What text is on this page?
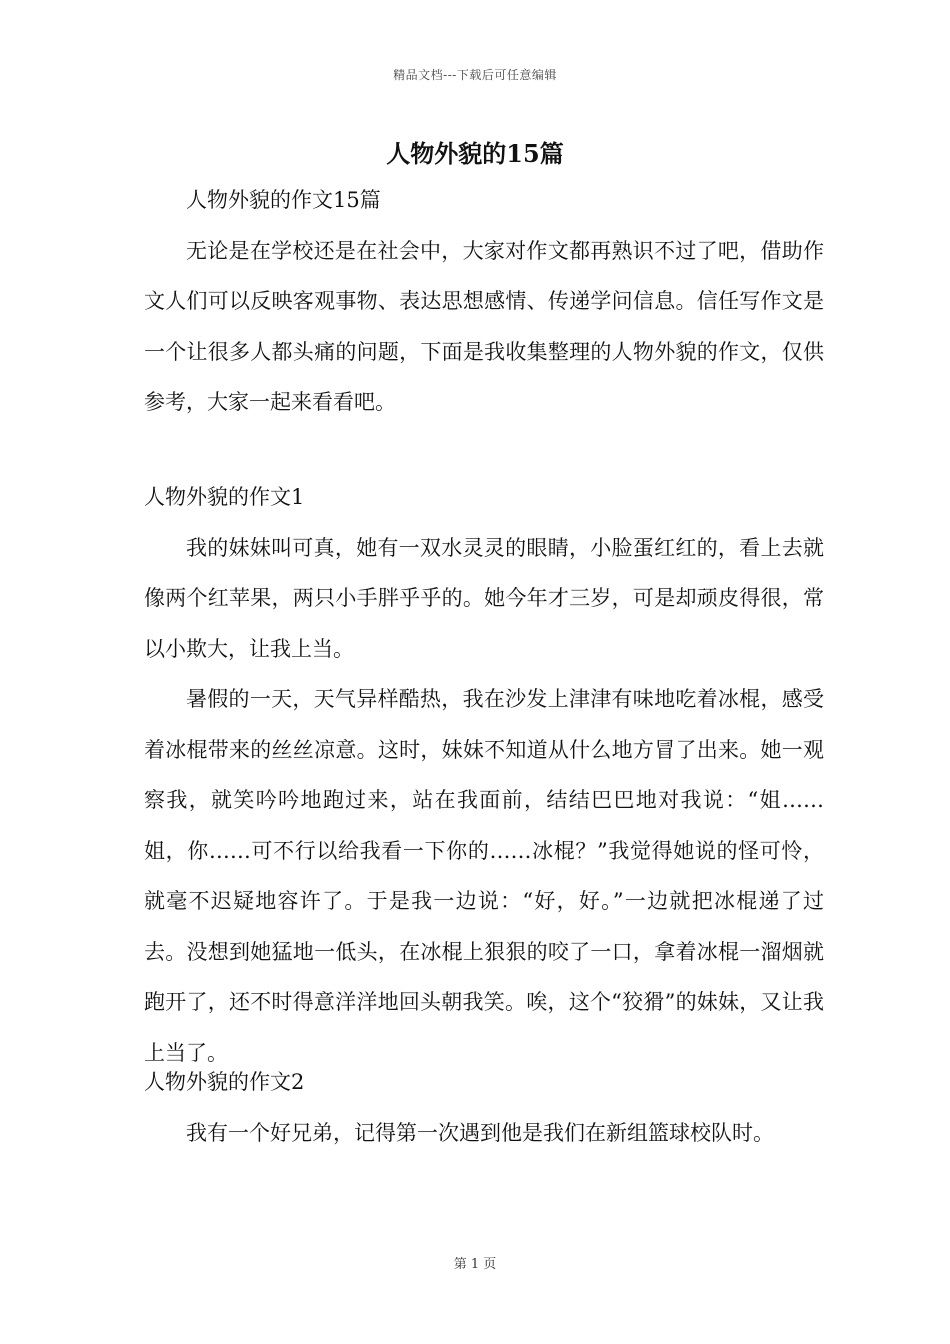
精品文档---下载后可任意编辑
人物外貌的15篇

人物外貌的作文15篇

无论是在学校还是在社会中，大家对作文都再熟识不过了吧，借助作文人们可以反映客观事物、表达思想感情、传递学问信息。信任写作文是一个让很多人都头痛的问题，下面是我收集整理的人物外貌的作文，仅供参考，大家一起来看看吧。

人物外貌的作文1

我的妹妹叫可真，她有一双水灵灵的眼睛，小脸蛋红红的，看上去就像两个红苹果，两只小手胖乎乎的。她今年才三岁，可是却顽皮得很，常以小欺大，让我上当。

暑假的一天，天气异样酷热，我在沙发上津津有味地吃着冰棍，感受着冰棍带来的丝丝凉意。这时，妹妹不知道从什么地方冒了出来。她一观察我，就笑吟吟地跑过来，站在我面前，结结巴巴地对我说：“姐……姐，你……可不行以给我看一下你的……冰棍？”我觉得她说的怪可怜，就毫不迟疑地容许了。于是我一边说：“好，好。”一边就把冰棍递了过去。没想到她猛地一低头，在冰棍上狠狠的咬了一口，拿着冰棍一溜烟就跑开了，还不时得意洋洋地回头朝我笑。唉，这个“狡猾”的妹妹，又让我上当了。

人物外貌的作文2

我有一个好兄弟，记得第一次遇到他是我们在新组篮球校队时。

第 1 页
